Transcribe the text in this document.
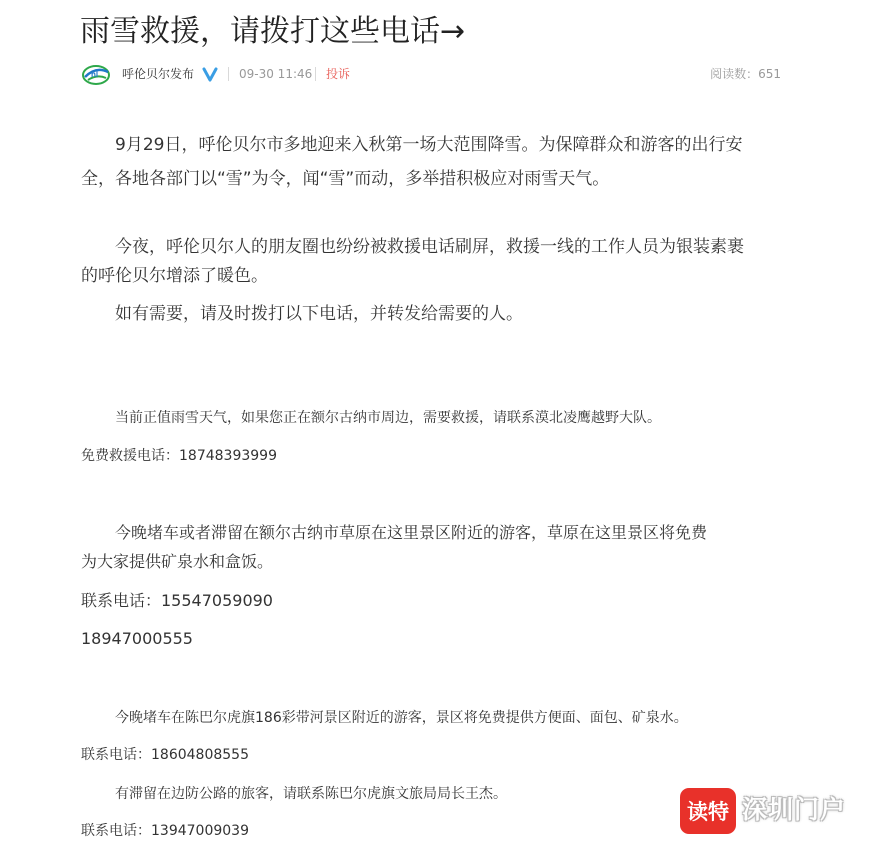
雨雪救援，请拨打这些电话→
hl 呼伦贝尔发布	09-30 11:46 投诉	阅读数：651
9月29日，呼伦贝尔市多地迎来入秋第一场大范围降雪。为保障群众和游客的出行安
全，各地各部门以“雪”为令，闻“雪”而动，多举措积极应对雨雪天气。
今夜，呼伦贝尔人的朋友圈也纷纷被救援电话刷屏，救援一线的工作人员为银装素裹
的呼伦贝尔增添了暖色。
如有需要，请及时拨打以下电话，并转发给需要的人。
当前正值雨雪天气，如果您正在额尔古纳市周边，需要救援，请联系漠北凌鹰越野大队。
免费救援电话：18748393999
今晚堵车或者滞留在额尔古纳市草原在这里景区附近的游客，草原在这里景区将免费
为大家提供矿泉水和盒饭。
联系电话：15547059090
18947000555
今晚堵车在陈巴尔虎旗186彩带河景区附近的游客，景区将免费提供方便面、面包、矿泉水。
联系电话：18604808555
有滞留在边防公路的旅客，请联系陈巴尔虎旗文旅局局长王杰。
联系电话：13947009039
读特 深圳门户
